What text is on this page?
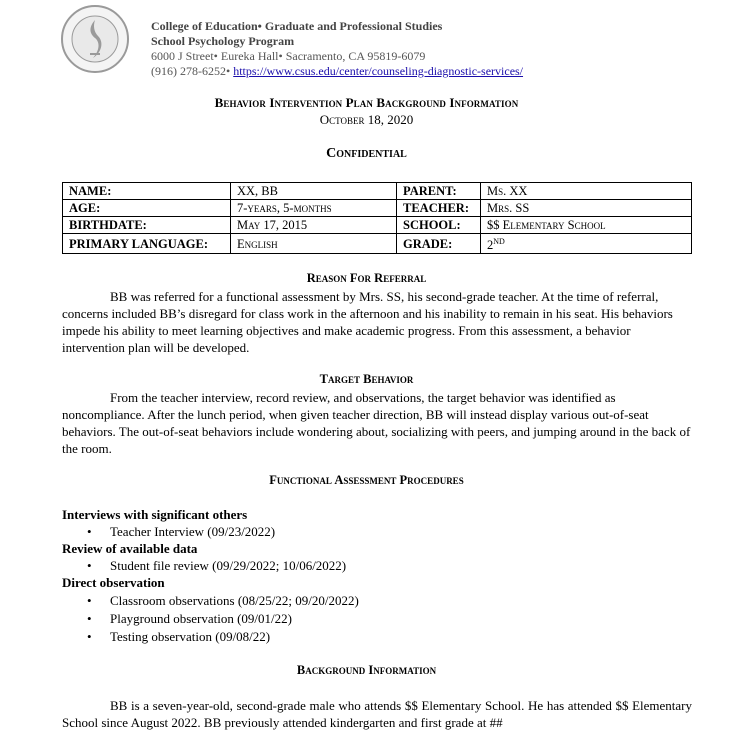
College of Education• Graduate and Professional Studies
School Psychology Program
6000 J Street• Eureka Hall• Sacramento, CA 95819-6079
(916) 278-6252• https://www.csus.edu/center/counseling-diagnostic-services/
Behavior Intervention Plan Background Information
October 18, 2020
Confidential
NAME:	XX, BB	PARENT:	Ms. XX
AGE:	7-years, 5-months	TEACHER:	Mrs. SS
BIRTHDATE:	May 17, 2015	SCHOOL:	$$ Elementary School
PRIMARY LANGUAGE:	English	GRADE:	2ND
Reason For Referral

BB was referred for a functional assessment by Mrs. SS, his second-grade teacher. At the time of referral, concerns included BB’s disregard for class work in the afternoon and his inability to remain in his seat. His behaviors impede his ability to meet learning objectives and make academic progress. From this assessment, a behavior intervention plan will be developed.

Target Behavior

From the teacher interview, record review, and observations, the target behavior was identified as noncompliance. After the lunch period, when given teacher direction, BB will instead display various out-of-seat behaviors. The out-of-seat behaviors include wondering about, socializing with peers, and jumping around in the back of the room.

Functional Assessment Procedures
Interviews with significant others
• Teacher Interview (09/23/2022)
Review of available data
• Student file review (09/29/2022; 10/06/2022)
Direct observation
• Classroom observations (08/25/22; 09/20/2022)
• Playground observation (09/01/22)
• Testing observation (09/08/22)
Background Information

BB is a seven-year-old, second-grade male who attends $$ Elementary School. He has attended $$ Elementary School since August 2022. BB previously attended kindergarten and first grade at ##
